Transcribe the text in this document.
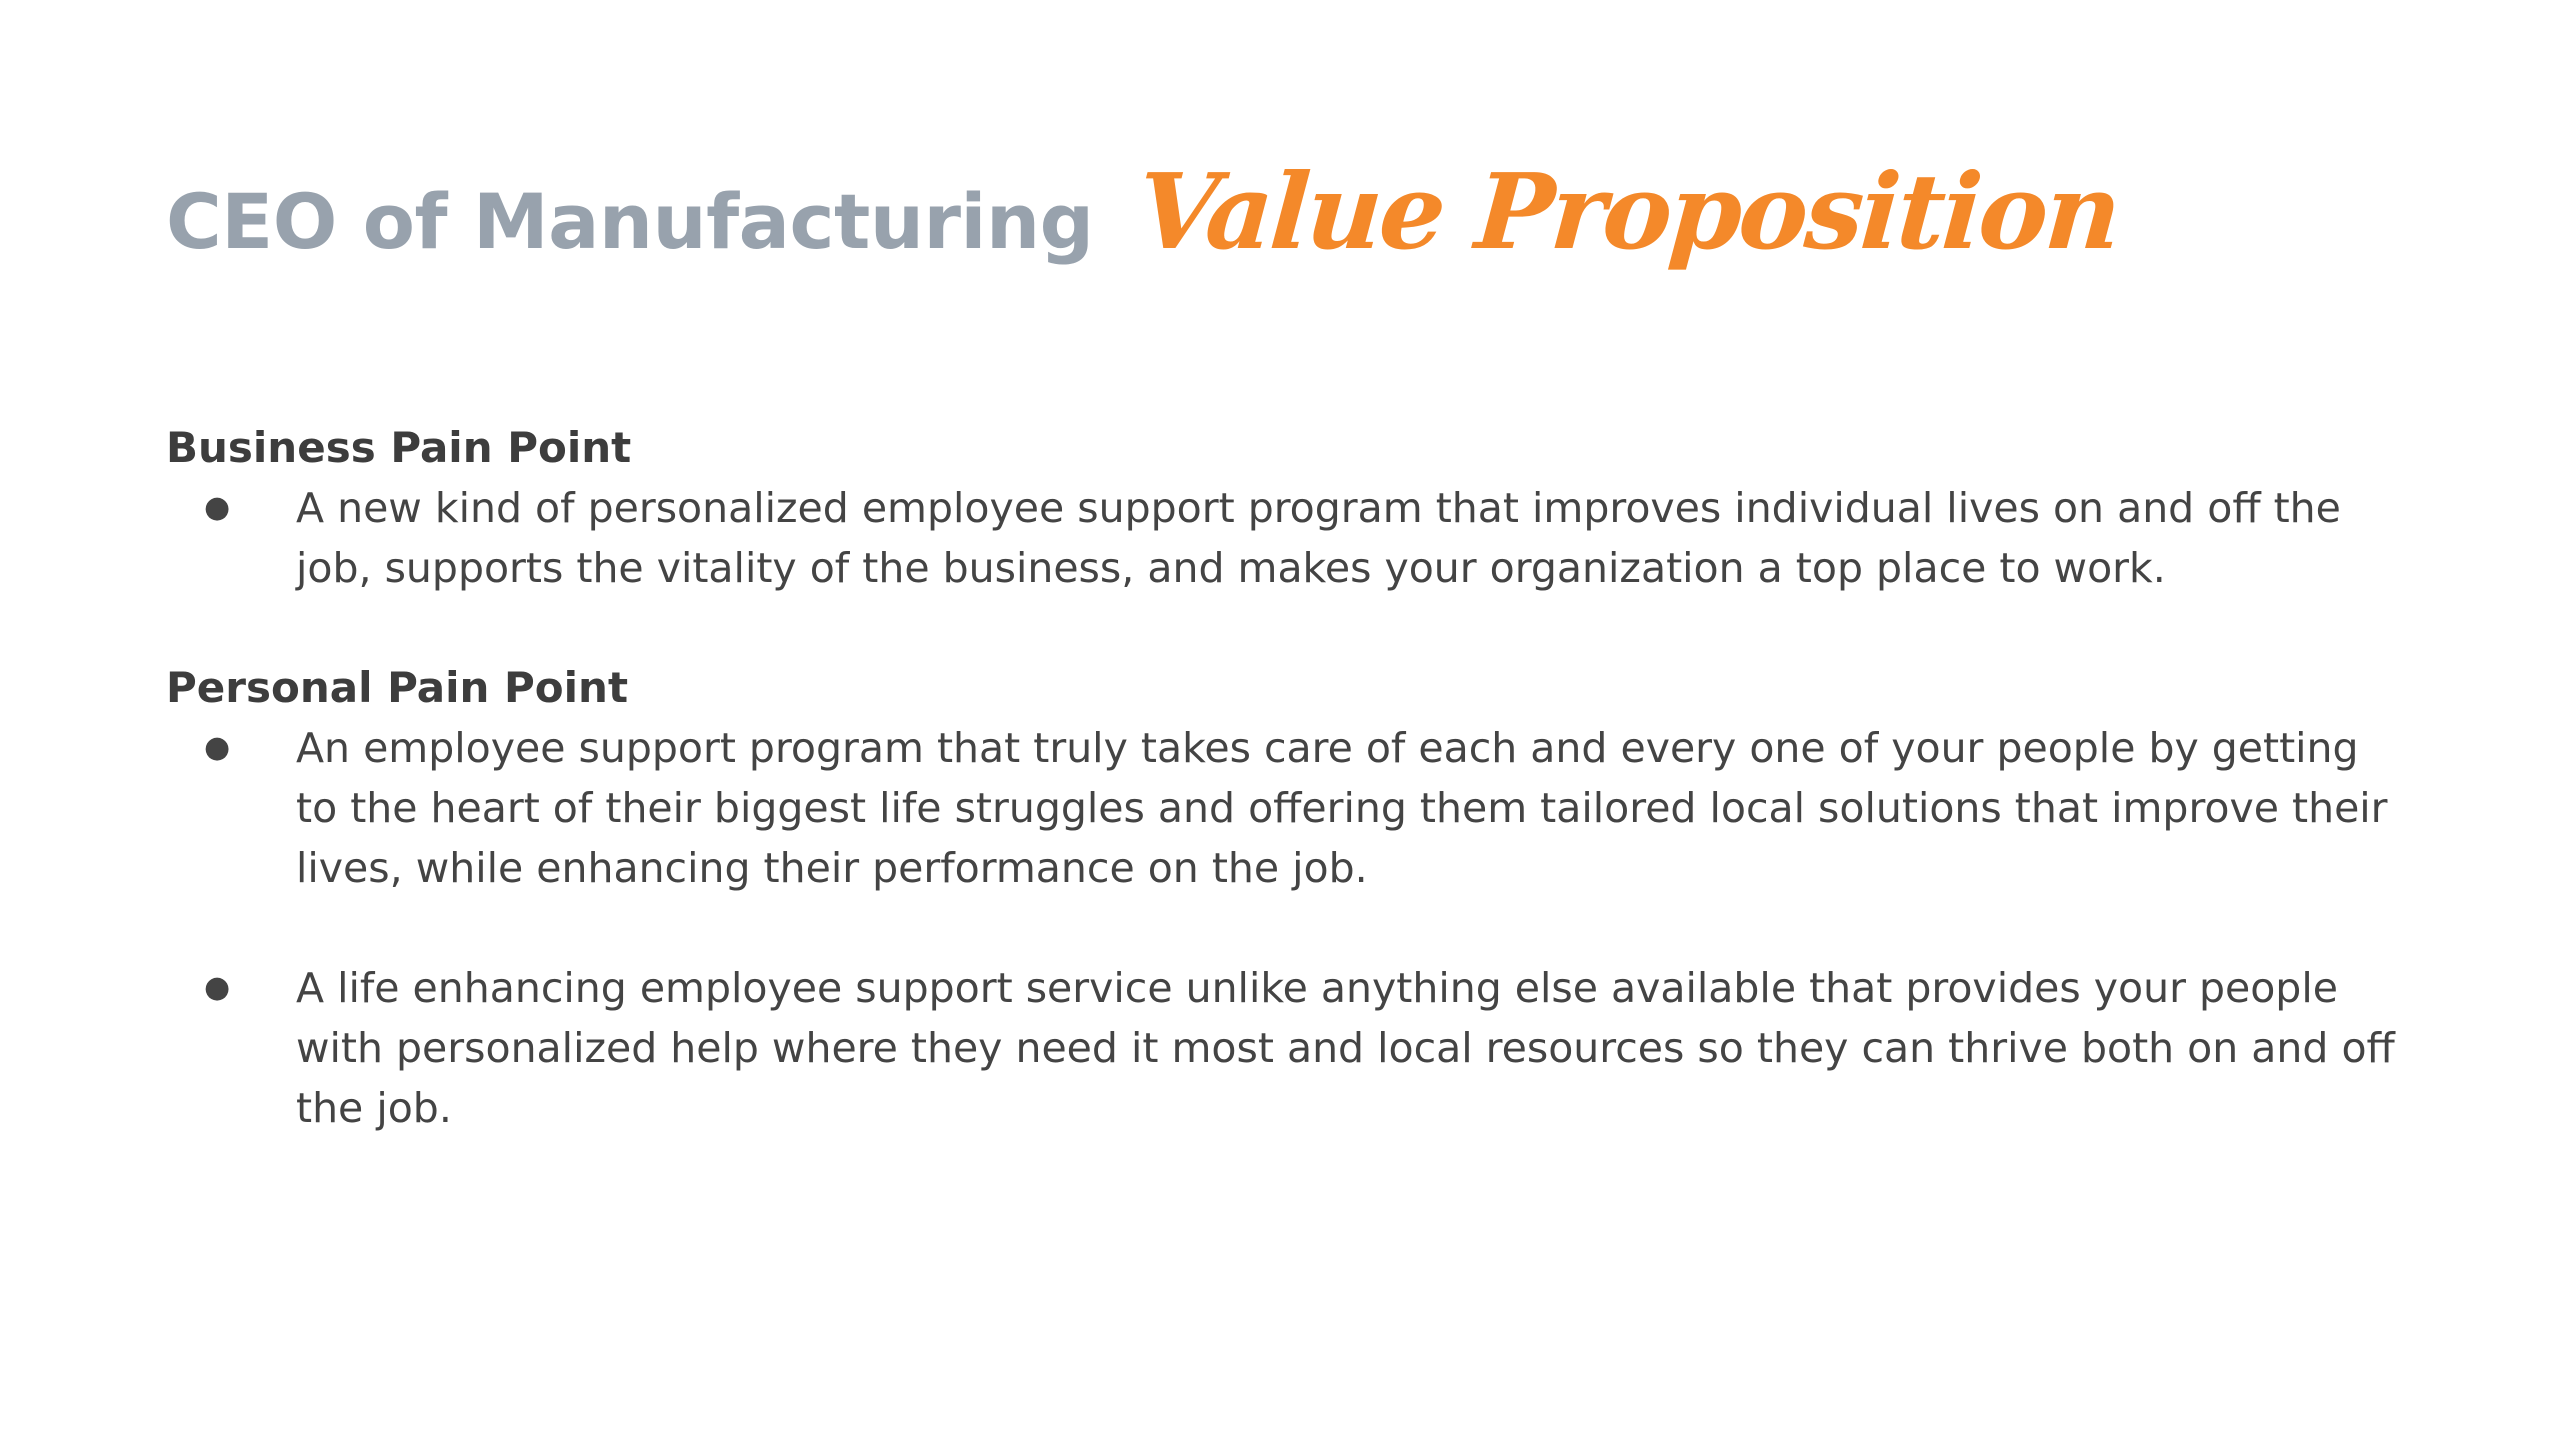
CEO of Manufacturing Value Proposition
Business Pain Point
● A new kind of personalized employee support program that improves individual lives on and off the job, supports the vitality of the business, and makes your organization a top place to work.
Personal Pain Point
● An employee support program that truly takes care of each and every one of your people by getting to the heart of their biggest life struggles and offering them tailored local solutions that improve their lives, while enhancing their performance on the job.
● A life enhancing employee support service unlike anything else available that provides your people with personalized help where they need it most and local resources so they can thrive both on and off the job.
